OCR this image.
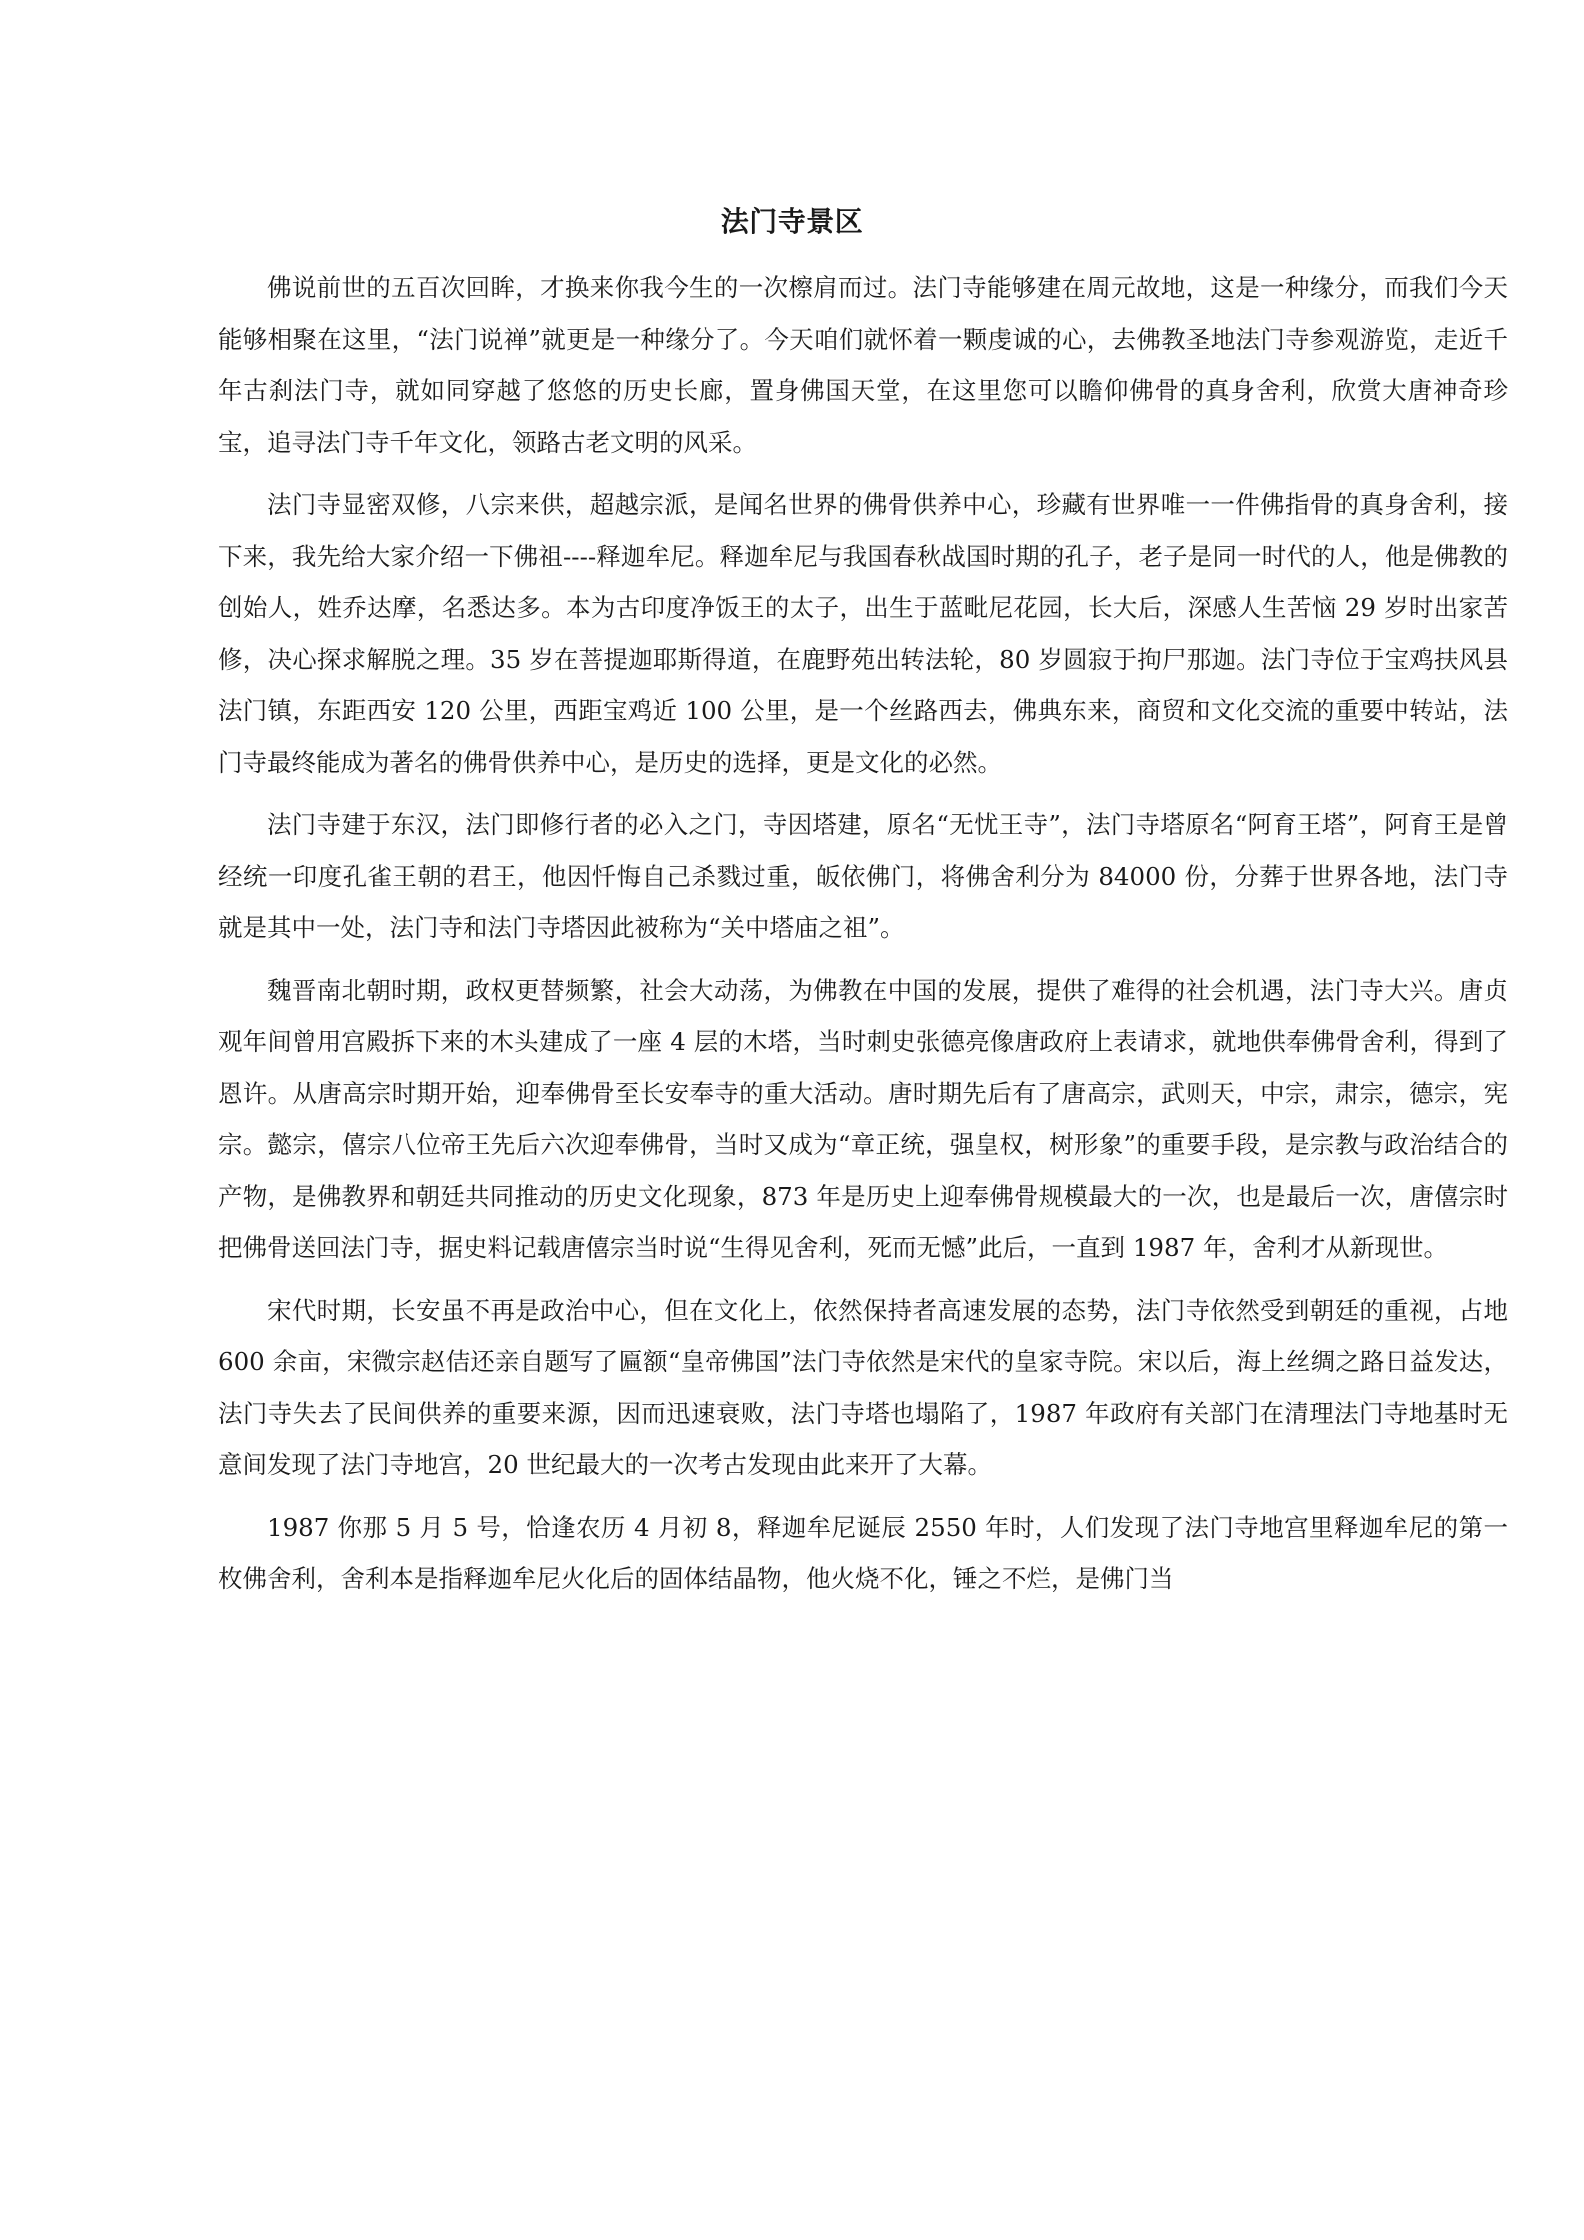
法门寺景区

佛说前世的五百次回眸，才换来你我今生的一次檫肩而过。法门寺能够建在周元故地，这是一种缘分，而我们今天能够相聚在这里，“法门说禅”就更是一种缘分了。今天咱们就怀着一颗虔诚的心，去佛教圣地法门寺参观游览，走近千年古刹法门寺，就如同穿越了悠悠的历史长廊，置身佛国天堂，在这里您可以瞻仰佛骨的真身舍利，欣赏大唐神奇珍宝，追寻法门寺千年文化，领路古老文明的风采。

法门寺显密双修，八宗来供，超越宗派，是闻名世界的佛骨供养中心，珍藏有世界唯一一件佛指骨的真身舍利，接下来，我先给大家介绍一下佛祖----释迦牟尼。释迦牟尼与我国春秋战国时期的孔子，老子是同一时代的人，他是佛教的创始人，姓乔达摩，名悉达多。本为古印度净饭王的太子，出生于蓝毗尼花园，长大后，深感人生苦恼 29 岁时出家苦修，决心探求解脱之理。35 岁在菩提迦耶斯得道，在鹿野苑出转法轮，80 岁圆寂于拘尸那迦。法门寺位于宝鸡扶风县法门镇，东距西安 120 公里，西距宝鸡近 100 公里，是一个丝路西去，佛典东来，商贸和文化交流的重要中转站，法门寺最终能成为著名的佛骨供养中心，是历史的选择，更是文化的必然。

法门寺建于东汉，法门即修行者的必入之门，寺因塔建，原名“无忧王寺”，法门寺塔原名“阿育王塔”，阿育王是曾经统一印度孔雀王朝的君王，他因忏悔自己杀戮过重，皈依佛门，将佛舍利分为 84000 份，分葬于世界各地，法门寺就是其中一处，法门寺和法门寺塔因此被称为“关中塔庙之祖”。

魏晋南北朝时期，政权更替频繁，社会大动荡，为佛教在中国的发展，提供了难得的社会机遇，法门寺大兴。唐贞观年间曾用宫殿拆下来的木头建成了一座 4 层的木塔，当时刺史张德亮像唐政府上表请求，就地供奉佛骨舍利，得到了恩许。从唐高宗时期开始，迎奉佛骨至长安奉寺的重大活动。唐时期先后有了唐高宗，武则天，中宗，肃宗，德宗，宪宗。懿宗，僖宗八位帝王先后六次迎奉佛骨，当时又成为“章正统，强皇权，树形象”的重要手段，是宗教与政治结合的产物，是佛教界和朝廷共同推动的历史文化现象，873 年是历史上迎奉佛骨规模最大的一次，也是最后一次，唐僖宗时把佛骨送回法门寺，据史料记载唐僖宗当时说“生得见舍利，死而无憾”此后，一直到 1987 年，舍利才从新现世。

宋代时期，长安虽不再是政治中心，但在文化上，依然保持者高速发展的态势，法门寺依然受到朝廷的重视，占地 600 余亩，宋微宗赵佶还亲自题写了匾额“皇帝佛国”法门寺依然是宋代的皇家寺院。宋以后，海上丝绸之路日益发达，法门寺失去了民间供养的重要来源，因而迅速衰败，法门寺塔也塌陷了，1987 年政府有关部门在清理法门寺地基时无意间发现了法门寺地宫，20 世纪最大的一次考古发现由此来开了大幕。

1987 你那 5 月 5 号，恰逢农历 4 月初 8，释迦牟尼诞辰 2550 年时，人们发现了法门寺地宫里释迦牟尼的第一枚佛舍利，舍利本是指释迦牟尼火化后的固体结晶物，他火烧不化，锤之不烂，是佛门当
